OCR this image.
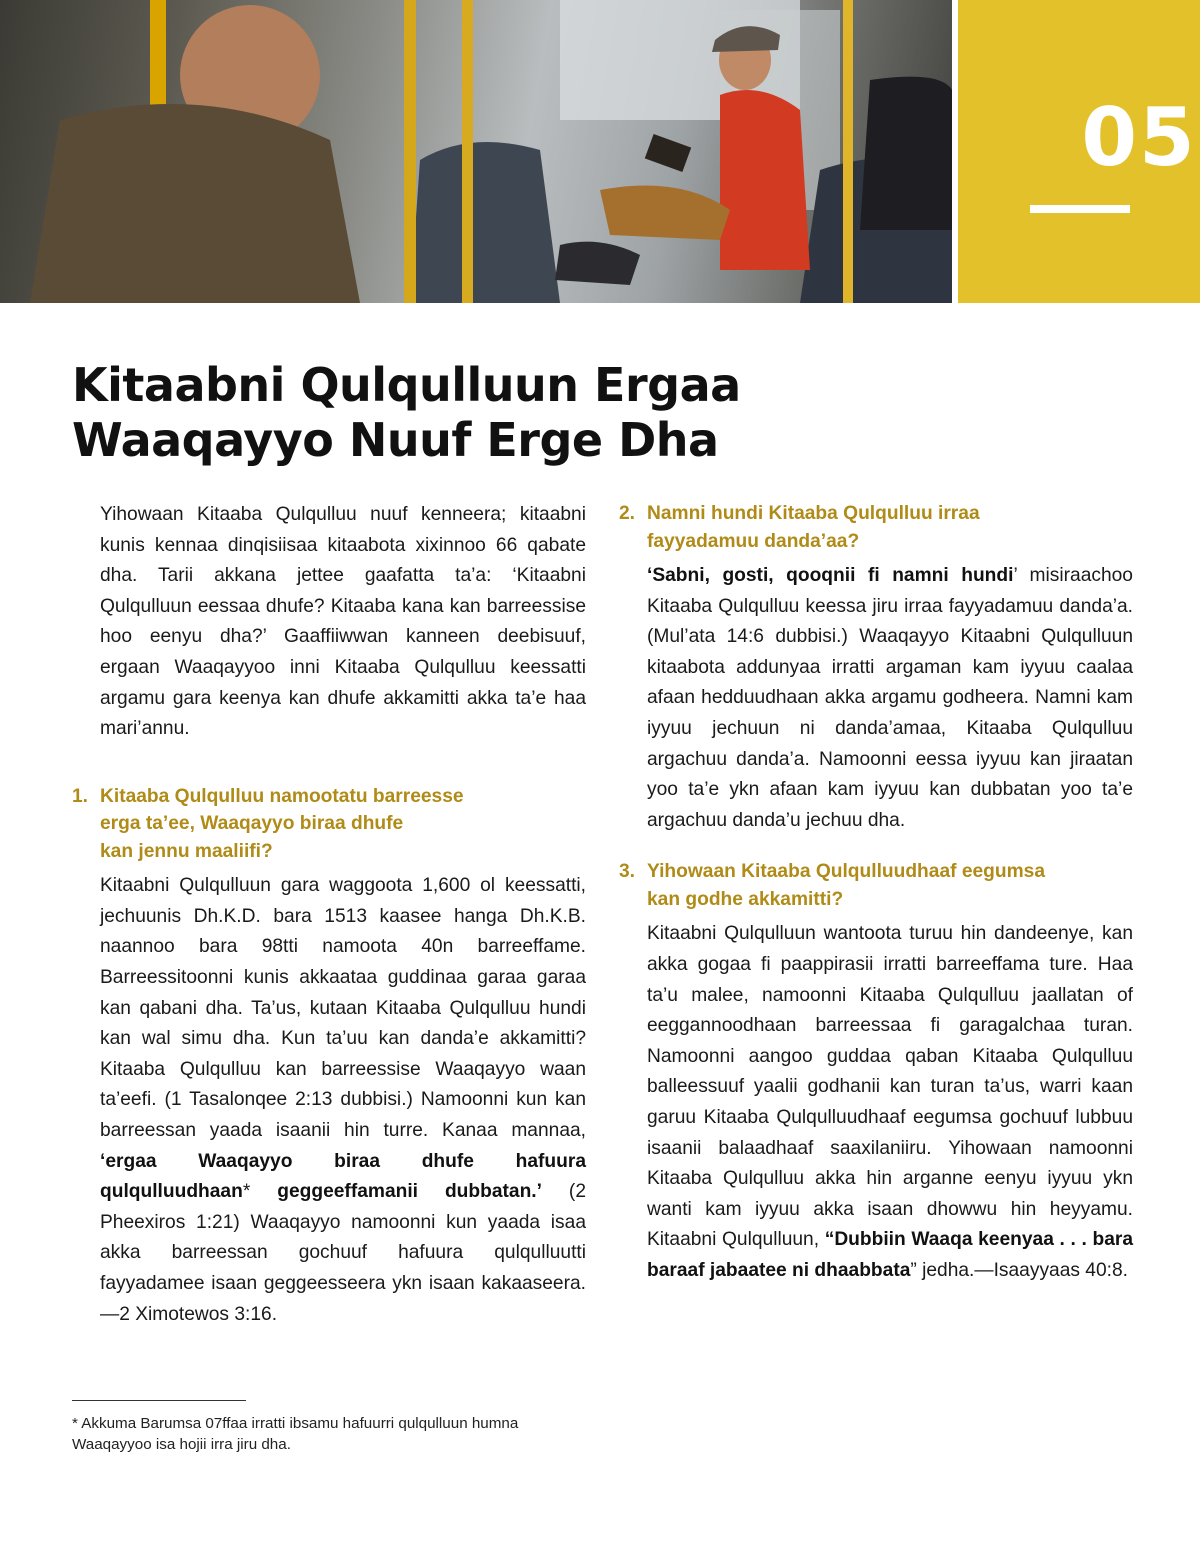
05
Kitaabni Qulqulluun Ergaa
Waaqayyo Nuuf Erge Dha

Yihowaan Kitaaba Qulqulluu nuuf kenneera; kitaabni kunis kennaa dinqisiisaa kitaabota xixinnoo 66 qabate dha. Tarii akkana jettee gaafatta ta’a: ‘Kitaabni Qulqulluun eessaa dhufe? Kitaaba kana kan barreessise hoo eenyu dha?’ Gaaffiiwwan kanneen deebisuuf, ergaan Waaqayyoo inni Kitaaba Qulqulluu keessatti argamu gara keenya kan dhufe akkamitti akka ta’e haa mari’annu.

1. Kitaaba Qulqulluu namootatu barreesse
erga ta’ee, Waaqayyo biraa dhufe
kan jennu maaliifi?

Kitaabni Qulqulluun gara waggoota 1,600 ol keessatti, jechuunis Dh.K.D. bara 1513 kaasee hanga Dh.K.B. naannoo bara 98tti namoota 40n barreeffame. Barreessitoonni kunis akkaataa guddinaa garaa garaa kan qabani dha. Ta’us, kutaan Kitaaba Qulqulluu hundi kan wal simu dha. Kun ta’uu kan danda’e akkamitti? Kitaaba Qulqulluu kan barreessise Waaqayyo waan ta’eefi. (1 Tasalonqee 2:13 dubbisi.) Namoonni kun kan barreessan yaada isaanii hin turre. Kanaa mannaa, ‘ergaa Waaqayyo biraa dhufe hafuura qulqulluudhaan* geggeeffamanii dubbatan.’ (2 Pheexiros 1:21) Waaqayyo namoonni kun yaada isaa akka barreessan gochuuf hafuura qulqulluutti fayyadamee isaan geggeesseera ykn isaan kakaaseera.—2 Ximotewos 3:16.

2. Namni hundi Kitaaba Qulqulluu irraa
fayyadamuu danda’aa?

‘Sabni, gosti, qooqnii fi namni hundi’ misiraachoo Kitaaba Qulqulluu keessa jiru irraa fayyadamuu danda’a. (Mul’ata 14:6 dubbisi.) Waaqayyo Kitaabni Qulqulluun kitaabota addunyaa irratti argaman kam iyyuu caalaa afaan hedduudhaan akka argamu godheera. Namni kam iyyuu jechuun ni danda’amaa, Kitaaba Qulqulluu argachuu danda’a. Namoonni eessa iyyuu kan jiraatan yoo ta’e ykn afaan kam iyyuu kan dubbatan yoo ta’e argachuu danda’u jechuu dha.

3. Yihowaan Kitaaba Qulqulluudhaaf eegumsa
kan godhe akkamitti?

Kitaabni Qulqulluun wantoota turuu hin dandeenye, kan akka gogaa fi paappirasii irratti barreeffama ture. Haa ta’u malee, namoonni Kitaaba Qulqulluu jaallatan of eeggannoodhaan barreessaa fi garagalchaa turan. Namoonni aangoo guddaa qaban Kitaaba Qulqulluu balleessuuf yaalii godhanii kan turan ta’us, warri kaan garuu Kitaaba Qulqulluudhaaf eegumsa gochuuf lubbuu isaanii balaadhaaf saaxilaniiru. Yihowaan namoonni Kitaaba Qulqulluu akka hin arganne eenyu iyyuu ykn wanti kam iyyuu akka isaan dhowwu hin heyyamu. Kitaabni Qulqulluun, “Dubbiin Waaqa keenyaa . . . bara baraaf jabaatee ni dhaabbata” jedha.—Isaayyaas 40:8.

* Akkuma Barumsa 07ffaa irratti ibsamu hafuurri qulqulluun humna Waaqayyoo isa hojii irra jiru dha.
